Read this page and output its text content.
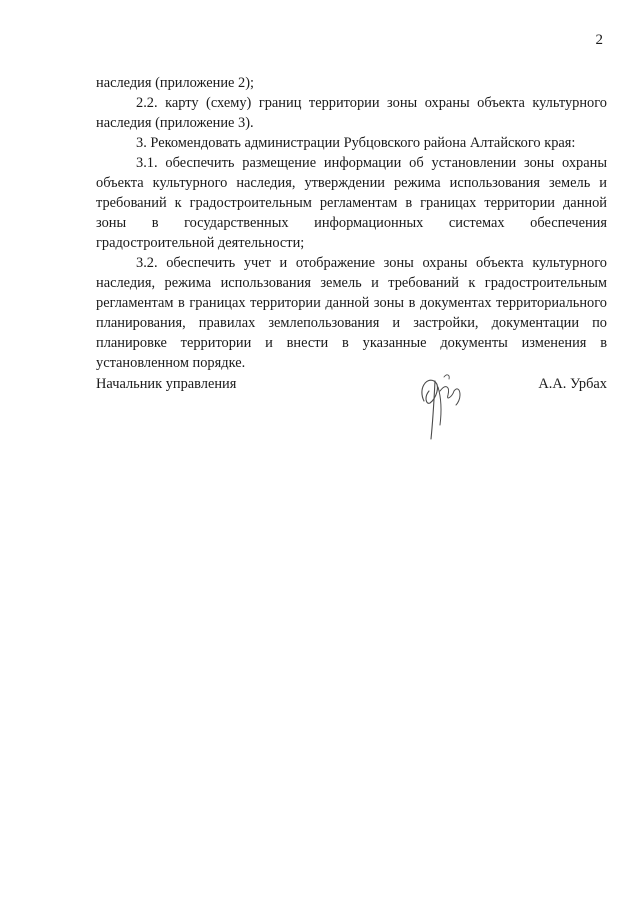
2

наследия (приложение 2);

2.2. карту (схему) границ территории зоны охраны объекта культурного наследия (приложение 3).

3. Рекомендовать администрации Рубцовского района Алтайского края:

3.1. обеспечить размещение информации об установлении зоны охраны объекта культурного наследия, утверждении режима использования земель и требований к градостроительным регламентам в границах территории данной зоны в государственных информационных системах обеспечения градостроительной деятельности;

3.2. обеспечить учет и отображение зоны охраны объекта культурного наследия, режима использования земель и требований к градостроительным регламентам в границах территории данной зоны в документах территориального планирования, правилах землепользования и застройки, документации по планировке территории и внести в указанные документы изменения в установленном порядке.

Начальник управления	А.А. Урбах
